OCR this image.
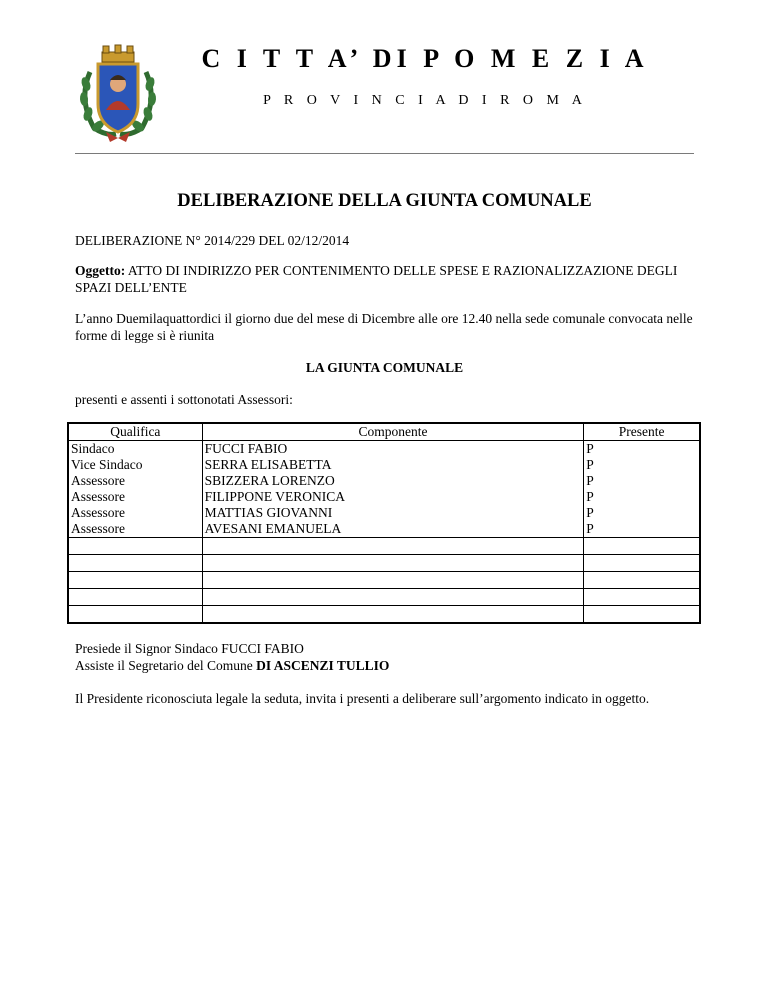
C I T T A’ DI P O M E Z I A
P R O V I N C I A D I R O M A
DELIBERAZIONE DELLA GIUNTA COMUNALE
DELIBERAZIONE N° 2014/229 DEL 02/12/2014
Oggetto: ATTO DI INDIRIZZO PER CONTENIMENTO DELLE SPESE E RAZIONALIZZAZIONE DEGLI SPAZI DELL’ENTE
L’anno Duemilaquattordici il giorno due del mese di Dicembre alle ore 12.40 nella sede comunale convocata nelle forme di legge si è riunita
LA GIUNTA COMUNALE
presenti e assenti i sottonotati Assessori:
Qualifica	Componente	Presente
Sindaco	FUCCI FABIO	P
Vice Sindaco	SERRA ELISABETTA	P
Assessore	SBIZZERA LORENZO	P
Assessore	FILIPPONE VERONICA	P
Assessore	MATTIAS GIOVANNI	P
Assessore	AVESANI EMANUELA	P

Presiede il Signor Sindaco FUCCI FABIO
Assiste il Segretario del Comune DI ASCENZI TULLIO
Il Presidente riconosciuta legale la seduta, invita i presenti a deliberare sull’argomento indicato in oggetto.
